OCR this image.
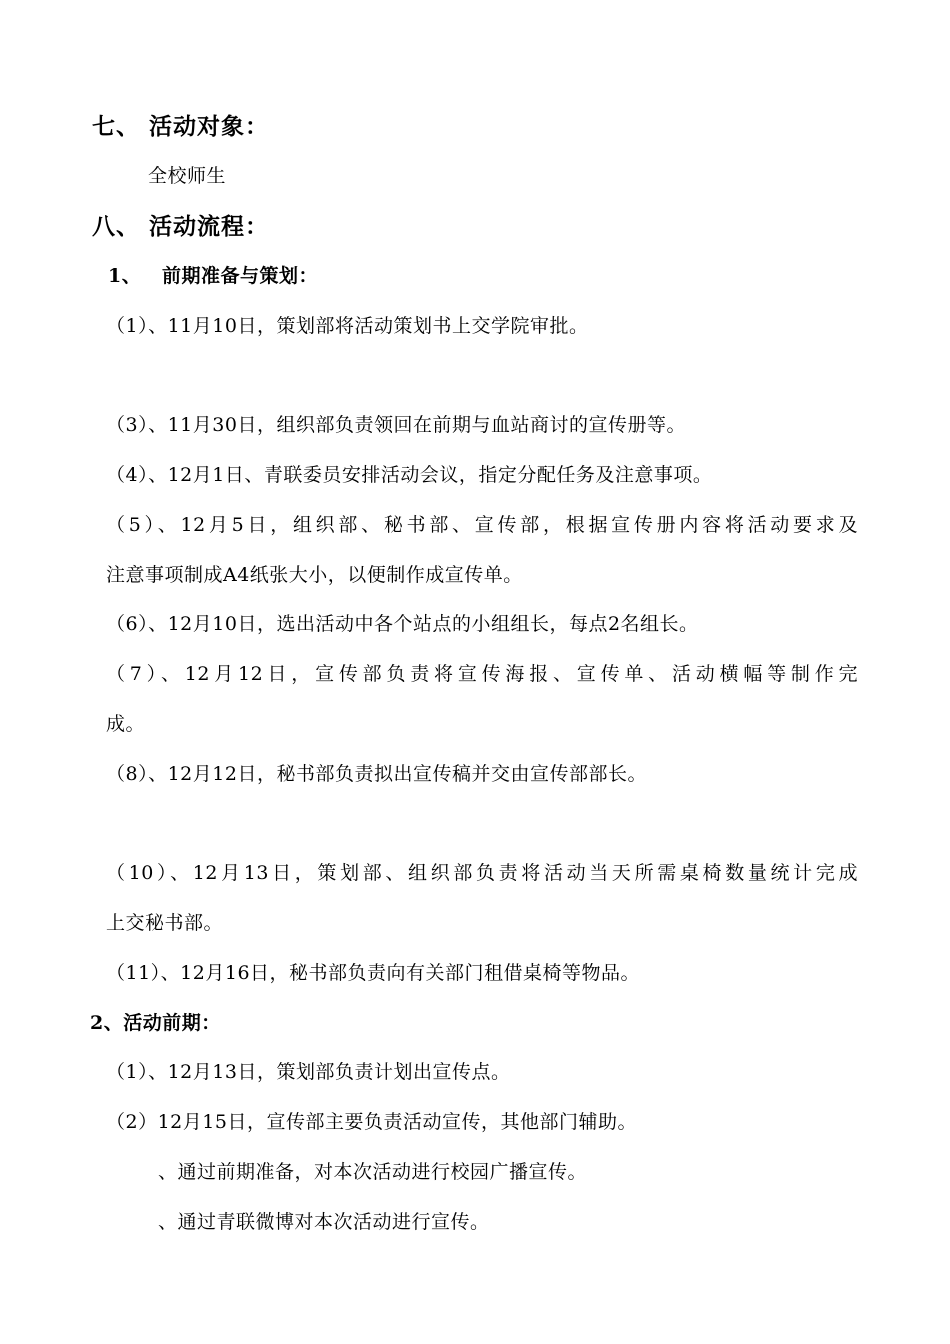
七、 活动对象：
全校师生
八、 活动流程：
1、 前期准备与策划：
（1）、11月10日，策划部将活动策划书上交学院审批。
（3）、11月30日，组织部负责领回在前期与血站商讨的宣传册等。
（4）、12月1日、青联委员安排活动会议，指定分配任务及注意事项。
（5）、12月5日，组织部、秘书部、宣传部，根据宣传册内容将活动要求及
注意事项制成A4纸张大小，以便制作成宣传单。
（6）、12月10日，选出活动中各个站点的小组组长，每点2名组长。
（7）、12月12日，宣传部负责将宣传海报、宣传单、活动横幅等制作完
成。
（8）、12月12日，秘书部负责拟出宣传稿并交由宣传部部长。
（10）、12月13日，策划部、组织部负责将活动当天所需桌椅数量统计完成
上交秘书部。
（11）、12月16日，秘书部负责向有关部门租借桌椅等物品。
2、活动前期：
（1）、12月13日，策划部负责计划出宣传点。
（2）12月15日，宣传部主要负责活动宣传，其他部门辅助。
、通过前期准备，对本次活动进行校园广播宣传。
、通过青联微博对本次活动进行宣传。
